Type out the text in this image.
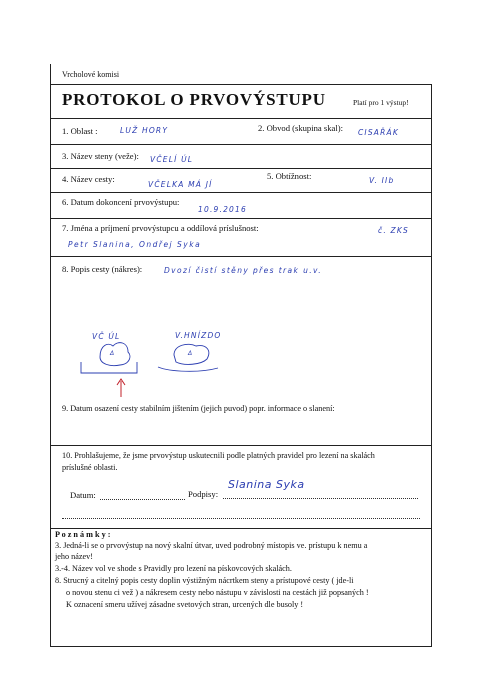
Vrcholové komisi
PROTOKOL O PRVOVÝSTUPU	Platí pro 1 výstup!
1. Oblast :	LUŽ HORY	2. Obvod (skupina skal): CISAŘÁK
3. Název steny (veže): VČELÍ ÚL
4. Název cesty:
VČELKA MÁ JÍ
5. Obtížnost:	V. IIb
6. Datum dokoncení prvovýstupu:
10.9.2016
7. Jména a príjmení prvovýstupcu a oddílová príslušnost:	č. ZKS
Petr Slanina, Ondřej Syka
8. Popis cesty (nákres):	Dvozí čistí stěny přes trak u.v.
VČ ÚL	V.HNÍZDO
Δ	Δ
9. Datum osazení cesty stabilním jištením (jejich puvod) popr. informace o slanení:
10. Prohlašujeme, že jsme prvovýstup uskutecnili podle platných pravidel pro lezení na skalách
príslušné oblasti.
Datum:	Podpisy:
Slanina Syka
P o z n á m k y :
3. Jedná-li se o prvovýstup na nový skalní útvar, uved podrobný místopis ve. prístupu k nemu a
jeho název!
3.-4. Název vol ve shode s Pravidly pro lezení na pískovcových skalách.
8. Strucný a citelný popis cesty doplin výstižným nácrtkem steny a prístupové cesty ( jde-li
o novou stenu ci vež ) a nákresem cesty nebo nástupu v závislosti na cestách již popsaných !
K oznacení smeru užívej zásadne svetových stran, urcených dle busoly !
